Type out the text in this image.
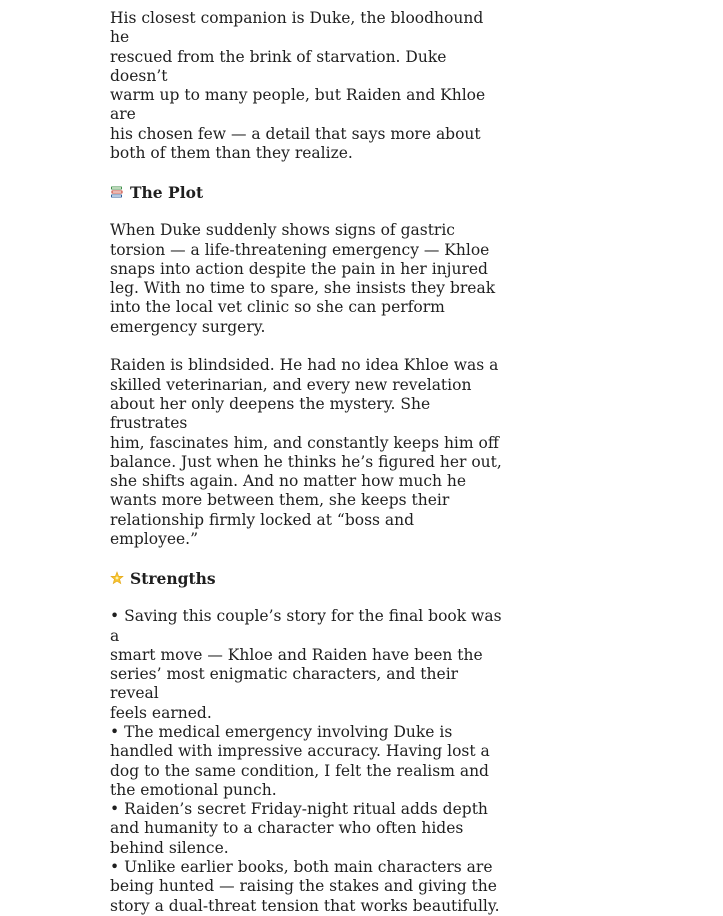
His closest companion is Duke, the bloodhound he
rescued from the brink of starvation. Duke doesn’t
warm up to many people, but Raiden and Khloe are
his chosen few — a detail that says more about
both of them than they realize.

The Plot

When Duke suddenly shows signs of gastric
torsion — a life-threatening emergency — Khloe
snaps into action despite the pain in her injured
leg. With no time to spare, she insists they break
into the local vet clinic so she can perform
emergency surgery.

Raiden is blindsided. He had no idea Khloe was a
skilled veterinarian, and every new revelation
about her only deepens the mystery. She frustrates
him, fascinates him, and constantly keeps him off
balance. Just when he thinks he’s figured her out,
she shifts again. And no matter how much he
wants more between them, she keeps their
relationship firmly locked at “boss and employee.”

Strengths
• Saving this couple’s story for the final book was a
smart move — Khloe and Raiden have been the
series’ most enigmatic characters, and their reveal
feels earned.
• The medical emergency involving Duke is
handled with impressive accuracy. Having lost a
dog to the same condition, I felt the realism and
the emotional punch.
• Raiden’s secret Friday-night ritual adds depth
and humanity to a character who often hides
behind silence.
• Unlike earlier books, both main characters are
being hunted — raising the stakes and giving the
story a dual-threat tension that works beautifully.
